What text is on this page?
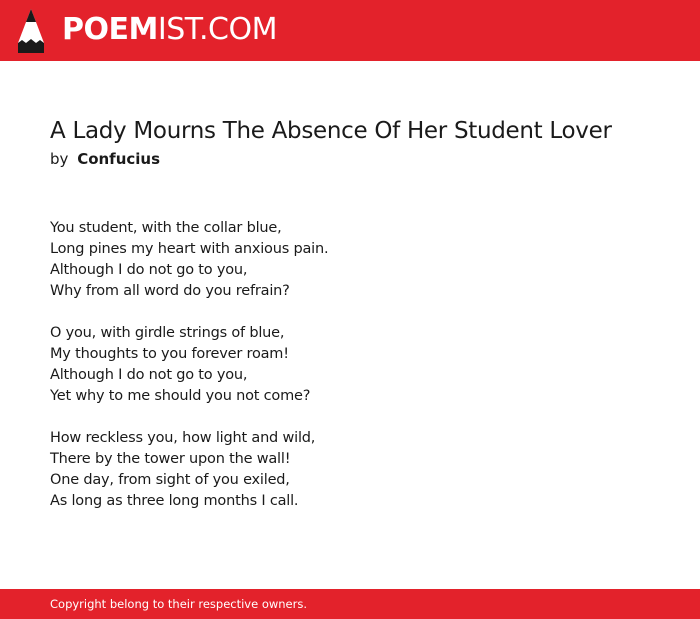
POEMIST.COM
A Lady Mourns The Absence Of Her Student Lover
by Confucius
You student, with the collar blue,
Long pines my heart with anxious pain.
Although I do not go to you,
Why from all word do you refrain?
O you, with girdle strings of blue,
My thoughts to you forever roam!
Although I do not go to you,
Yet why to me should you not come?
How reckless you, how light and wild,
There by the tower upon the wall!
One day, from sight of you exiled,
As long as three long months I call.
Copyright belong to their respective owners.
